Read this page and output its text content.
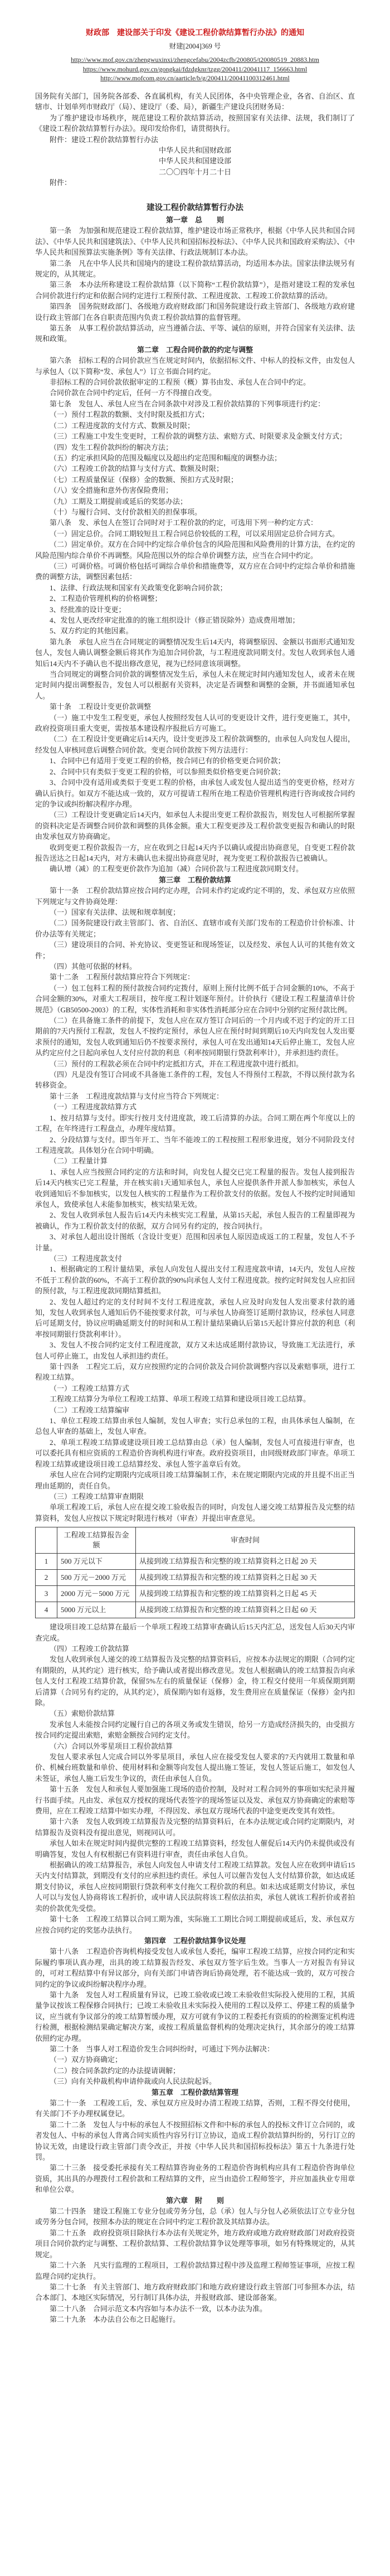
财政部　建设部关于印发《建设工程价款结算暂行办法》的通知
财建[2004]369 号
http://www.mof.gov.cn/zhengwuxinxi/zhengcefabu/2004zcfb/200805/t20080519_20883.htm
https://www.mohurd.gov.cn/gongkai/fdzdgknr/tzgg/200411/20041117_156663.html
http://www.mofcom.gov.cn/aarticle/b/g/200411/20041100312461.html
国务院有关部门，国务院各部委、各直属机构，有关人民团体，各中央管理企业，各省、自治区、直辖市、计划单列市财政厅（局）、建设厅（委、局），新疆生产建设兵团财务局：
为了维护建设市场秩序，规范建设工程价款结算活动，按照国家有关法律、法规，我们制订了《建设工程价款结算暂行办法》。现印发给你们，请贯彻执行。
附件：建设工程价款结算暂行办法
中华人民共和国财政部
中华人民共和国建设部
二〇〇四年十月二十日
附件：
建设工程价款结算暂行办法
第一章　总　　则
第一条　为加强和规范建设工程价款结算，维护建设市场正常秩序，根据《中华人民共和国合同法》、《中华人民共和国建筑法》、《中华人民共和国招标投标法》、《中华人民共和国政府采购法》、《中华人民共和国预算法实施条例》等有关法律、行政法规制订本办法。
第二条　凡在中华人民共和国境内的建设工程价款结算活动，均适用本办法。国家法律法规另有规定的，从其规定。
第三条　本办法所称建设工程价款结算（以下简称“工程价款结算”），是指对建设工程的发承包合同价款进行约定和依据合同约定进行工程预付款、工程进度款、工程竣工价款结算的活动。
第四条　国务院财政部门、各级地方政府财政部门和国务院建设行政主管部门、各级地方政府建设行政主管部门在各自职责范围内负责工程价款结算的监督管理。
第五条　从事工程价款结算活动，应当遵循合法、平等、诚信的原则，并符合国家有关法律、法规和政策。
第二章　工程合同价款的约定与调整
第六条　招标工程的合同价款应当在规定时间内，依据招标文件、中标人的投标文件，由发包人与承包人（以下简称“发、承包人”）订立书面合同约定。
非招标工程的合同价款依据审定的工程预（概）算书由发、承包人在合同中约定。
合同价款在合同中约定后，任何一方不得擅自改变。
第七条　发包人、承包人应当在合同条款中对涉及工程价款结算的下列事项进行约定：
（一）预付工程款的数额、支付时限及抵扣方式；
（二）工程进度款的支付方式、数额及时限；
（三）工程施工中发生变更时，工程价款的调整方法、索赔方式、时限要求及金额支付方式；
（四）发生工程价款纠纷的解决方法；
（五）约定承担风险的范围及幅度以及超出约定范围和幅度的调整办法；
（六）工程竣工价款的结算与支付方式、数额及时限；
（七）工程质量保证（保修）金的数额、预扣方式及时限；
（八）安全措施和意外伤害保险费用；
（九）工期及工期提前或延后的奖惩办法；
（十）与履行合同、支付价款相关的担保事项。
第八条　发、承包人在签订合同时对于工程价款的约定，可选用下列一种约定方式：
（一）固定总价。合同工期较短且工程合同总价较低的工程，可以采用固定总价合同方式。
（二）固定单价。双方在合同中约定综合单价包含的风险范围和风险费用的计算方法，在约定的风险范围内综合单价不再调整。风险范围以外的综合单价调整方法，应当在合同中约定。
（三）可调价格。可调价格包括可调综合单价和措施费等，双方应在合同中约定综合单价和措施费的调整方法，调整因素包括：
1、法律、行政法规和国家有关政策变化影响合同价款；
2、工程造价管理机构的价格调整；
3、经批准的设计变更；
4、发包人更改经审定批准的的施工组织设计（修正错误除外）造成费用增加；
5、双方约定的其他因素。
第九条　承包人应当在合同规定的调整情况发生后14天内，将调整原因、金额以书面形式通知发包人，发包人确认调整金额后将其作为追加合同价款，与工程进度款同期支付。发包人收到承包人通知后14天内不予确认也不提出修改意见，视为已经同意该项调整。
当合同规定的调整合同价款的调整情况发生后，承包人未在规定时间内通知发包人，或者未在规定时间内提出调整报告，发包人可以根据有关资料，决定是否调整和调整的金额，并书面通知承包人。
第十条　工程设计变更价款调整
（一）施工中发生工程变更，承包人按照经发包人认可的变更设计文件，进行变更施工，其中，政府投资项目重大变更，需按基本建设程序报批后方可施工。
（二）在工程设计变更确定后14天内，设计变更涉及工程价款调整的，由承包人向发包人提出，经发包人审核同意后调整合同价款。变更合同价款按下列方法进行：
1、合同中已有适用于变更工程的价格，按合同已有的价格变更合同价款；
2、合同中只有类似于变更工程的价格，可以参照类似价格变更合同价款；
3、合同中没有适用或类似于变更工程的价格，由承包人或发包人提出适当的变更价格，经对方确认后执行。如双方不能达成一致的，双方可提请工程所在地工程造价管理机构进行咨询或按合同约定的争议或纠纷解决程序办理。
（三）工程设计变更确定后14天内，如承包人未提出变更工程价款报告，则发包人可根据所掌握的资料决定是否调整合同价款和调整的具体金额。重大工程变更涉及工程价款变更报告和确认的时限由发承包双方协商确定。
收到变更工程价款报告一方，应在收到之日起14天内予以确认或提出协商意见，自变更工程价款报告送达之日起14天内，对方未确认也未提出协商意见时，视为变更工程价款报告已被确认。
确认增（减）的工程变更价款作为追加（减）合同价款与工程进度款同期支付。
第三章　工程价款结算
第十一条　工程价款结算应按合同约定办理，合同未作约定或约定不明的，发、承包双方应依照下列规定与文件协商处理：
（一）国家有关法律、法规和规章制度；
（二）国务院建设行政主管部门、省、自治区、直辖市或有关部门发布的工程造价计价标准、计价办法等有关规定；
（三）建设项目的合同、补充协议、变更签证和现场签证，以及经发、承包人认可的其他有效文件；
（四）其他可依据的材料。
第十二条　工程预付款结算应符合下列规定：
（一）包工包料工程的预付款按合同约定拨付，原则上预付比例不低于合同金额的10%，不高于合同金额的30%，对重大工程项目，按年度工程计划逐年预付。计价执行《建设工程工程量清单计价规范》（GB50500-2003）的工程，实体性消耗和非实体性消耗部分应在合同中分别约定预付款比例。
（二）在具备施工条件的前提下，发包人应在双方签订合同后的一个月内或不迟于约定的开工日期前的7天内预付工程款，发包人不按约定预付，承包人应在预付时间到期后10天内向发包人发出要求预付的通知，发包人收到通知后仍不按要求预付，承包人可在发出通知14天后停止施工，发包人应从约定应付之日起向承包人支付应付款的利息（利率按同期银行贷款利率计），并承担违约责任。
（三）预付的工程款必须在合同中约定抵扣方式，并在工程进度款中进行抵扣。
（四）凡是没有签订合同或不具备施工条件的工程，发包人不得预付工程款，不得以预付款为名转移资金。
第十三条　工程进度款结算与支付应当符合下列规定：
（一）工程进度款结算方式
1、按月结算与支付。即实行按月支付进度款，竣工后清算的办法。合同工期在两个年度以上的工程，在年终进行工程盘点，办理年度结算。
2、分段结算与支付。即当年开工、当年不能竣工的工程按照工程形象进度，划分不同阶段支付工程进度款。具体划分在合同中明确。
（二）工程量计算
1、承包人应当按照合同约定的方法和时间，向发包人提交已完工程量的报告。发包人接到报告后14天内核实已完工程量，并在核实前1天通知承包人，承包人应提供条件并派人参加核实，承包人收到通知后不参加核实，以发包人核实的工程量作为工程价款支付的依据。发包人不按约定时间通知承包人，致使承包人未能参加核实，核实结果无效。
2、发包人收到承包人报告后14天内未核实完工程量，从第15天起，承包人报告的工程量即视为被确认，作为工程价款支付的依据，双方合同另有约定的，按合同执行。
3、对承包人超出设计图纸（含设计变更）范围和因承包人原因造成返工的工程量，发包人不予计量。
（三）工程进度款支付
1、根据确定的工程计量结果，承包人向发包人提出支付工程进度款申请，14天内，发包人应按不低于工程价款的60%，不高于工程价款的90%向承包人支付工程进度款。按约定时间发包人应扣回的预付款，与工程进度款同期结算抵扣。
2、发包人超过约定的支付时间不支付工程进度款，承包人应及时向发包人发出要求付款的通知，发包人收到承包人通知后仍不能按要求付款，可与承包人协商签订延期付款协议，经承包人同意后可延期支付，协议应明确延期支付的时间和从工程计量结果确认后第15天起计算应付款的利息（利率按同期银行贷款利率计）。
3、发包人不按合同约定支付工程进度款，双方又未达成延期付款协议，导致施工无法进行，承包人可停止施工，由发包人承担违约责任。
第十四条　工程完工后，双方应按照约定的合同价款及合同价款调整内容以及索赔事项，进行工程竣工结算。
（一）工程竣工结算方式
工程竣工结算分为单位工程竣工结算、单项工程竣工结算和建设项目竣工总结算。
（二）工程竣工结算编审
1、单位工程竣工结算由承包人编制，发包人审查；实行总承包的工程，由具体承包人编制，在总包人审查的基础上，发包人审查。
2、单项工程竣工结算或建设项目竣工总结算由总（承）包人编制，发包人可直接进行审查，也可以委托具有相应资质的工程造价咨询机构进行审查。政府投资项目，由同级财政部门审查。单项工程竣工结算或建设项目竣工总结算经发、承包人签字盖章后有效。
承包人应在合同约定期限内完成项目竣工结算编制工作，未在规定期限内完成的并且提不出正当理由延期的，责任自负。
（三）工程竣工结算审查期限
单项工程竣工后，承包人应在提交竣工验收报告的同时，向发包人递交竣工结算报告及完整的结算资料，发包人应按以下规定时限进行核对（审查）并提出审查意见。
	工程竣工结算报告金额	审查时间
1	500 万元以下	从接到竣工结算报告和完整的竣工结算资料之日起 20 天
2	500 万元－2000 万元	从接到竣工结算报告和完整的竣工结算资料之日起 30 天
3	2000 万元－5000 万元	从接到竣工结算报告和完整的竣工结算资料之日起 45 天
4	5000 万元以上	从接到竣工结算报告和完整的竣工结算资料之日起 60 天
建设项目竣工总结算在最后一个单项工程竣工结算审查确认后15天内汇总，送发包人后30天内审查完成。
（四）工程竣工价款结算
发包人收到承包人递交的竣工结算报告及完整的结算资料后，应按本办法规定的期限（合同约定有期限的，从其约定）进行核实，给予确认或者提出修改意见。发包人根据确认的竣工结算报告向承包人支付工程竣工结算价款，保留5%左右的质量保证（保修）金，待工程交付使用一年质保期到期后清算（合同另有约定的，从其约定），质保期内如有返修，发生费用应在质量保证（保修）金内扣除。
（五）索赔价款结算
发承包人未能按合同约定履行自己的各项义务或发生错误，给另一方造成经济损失的，由受损方按合同约定提出索赔，索赔金额按合同约定支付。
（六）合同以外零星项目工程价款结算
发包人要求承包人完成合同以外零星项目，承包人应在接受发包人要求的7天内就用工数量和单价、机械台班数量和单价、使用材料和金额等向发包人提出施工签证，发包人签证后施工，如发包人未签证，承包人施工后发生争议的，责任由承包人自负。
第十五条　发包人和承包人要加强施工现场的造价控制，及时对工程合同外的事项如实纪录并履行书面手续。凡由发、承包双方授权的现场代表签字的现场签证以及发、承包双方协商确定的索赔等费用，应在工程竣工结算中如实办理，不得因发、承包双方现场代表的中途变更改变其有效性。
第十六条　发包人收到竣工结算报告及完整的结算资料后，在本办法规定或合同约定期限内，对结算报告及资料没有提出意见，则视同认可。
承包人如未在规定时间内提供完整的工程竣工结算资料，经发包人催促后14天内仍未提供或没有明确答复，发包人有权根据已有资料进行审查，责任由承包人自负。
根据确认的竣工结算报告，承包人向发包人申请支付工程竣工结算款。发包人应在收到申请后15天内支付结算款，到期没有支付的应承担违约责任。承包人可以催告发包人支付结算价款，如达成延期支付协议，承包人应按同期银行贷款利率支付拖欠工程价款的利息。如未达成延期支付协议，承包人可以与发包人协商将该工程折价，或申请人民法院将该工程依法拍卖，承包人就该工程折价或者拍卖的价款优先受偿。
第十七条　工程竣工结算以合同工期为准，实际施工工期比合同工期提前或延后，发、承包双方应按合同约定的奖惩办法执行。
第四章　工程价款结算争议处理
第十八条　工程造价咨询机构接受发包人或承包人委托，编审工程竣工结算，应按合同约定和实际履约事项认真办理，出具的竣工结算报告经发、承包双方签字后生效。当事人一方对报告有异议的，可对工程结算中有异议部分，向有关部门申请咨询后协商处理，若不能达成一致的，双方可按合同约定的争议或纠纷解决程序办理。
第十九条　发包人对工程质量有异议，已竣工验收或已竣工未验收但实际投入使用的工程，其质量争议按该工程保修合同执行；已竣工未验收且未实际投入使用的工程以及停工、停建工程的质量争议，应当就有争议部分的竣工结算暂缓办理，双方可就有争议的工程委托有资质的的检测鉴定机构进行检测，根据检测结果确定解决方案，或按工程质量监督机构的处理决定执行，其余部分的竣工结算依照约定办理。
第二十条　当事人对工程造价发生合同纠纷时，可通过下列办法解决：
（一）双方协商确定；
（二）按合同条款约定的办法提请调解；
（三）向有关仲裁机构申请仲裁或向人民法院起诉。
第五章　工程价款结算管理
第二十一条　工程竣工后，发、承包双方应及时办清工程竣工结算，否则，工程不得交付使用，有关部门不予办理权属登记。
第二十二条　发包人与中标的承包人不按照招标文件和中标的承包人的投标文件订立合同的，或者发包人、中标的承包人背离合同实质性内容另行订立协议，造成工程价款结算纠纷的，另行订立的协议无效，由建设行政主管部门责令改正，并按《中华人民共和国招标投标法》第五十九条进行处罚。
第二十三条　接受委托承接有关工程结算咨询业务的工程造价咨询机构应具有工程造价咨询单位资质，其出具的办理拨付工程价款和工程结算的文件，应当由造价工程师签字，并应加盖执业专用章和单位公章。
第六章　附　　则
第二十四条　建设工程施工专业分包或劳务分包，总（承）包人与分包人必须依法订立专业分包或劳务分包合同，按照本办法的规定在合同中约定工程价款及其结算办法。
第二十五条　政府投资项目除执行本办法有关规定外，地方政府或地方政府财政部门对政府投资项目合同价款约定与调整、工程价款结算、工程价款结算争议处理等事项，如另有特殊规定的，从其规定。
第二十六条　凡实行监理的工程项目，工程价款结算过程中涉及监理工程师签证事项，应按工程监理合同约定执行。
第二十七条　有关主管部门、地方政府财政部门和地方政府建设行政主管部门可参照本办法，结合本部门、本地区实际情况，另行制订具体办法，并报财政部、建设部备案。
第二十八条　合同示范文本内容如与本办法不一致，以本办法为准。
第二十九条　本办法自公布之日起施行。
